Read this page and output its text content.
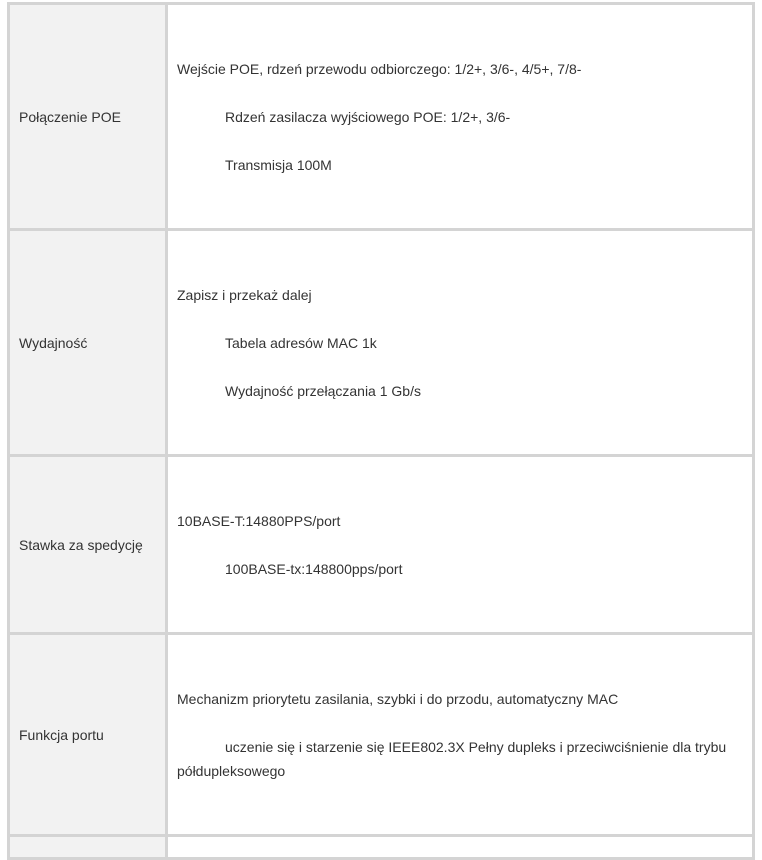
Połączenie POE	Wejście POE, rdzeń przewodu odbiorczego: 1/2+, 3/6-, 4/5+, 7/8-
Rdzeń zasilacza wyjściowego POE: 1/2+, 3/6-
Transmisja 100M

Wydajność	Zapisz i przekaż dalej
Tabela adresów MAC 1k
Wydajność przełączania 1 Gb/s

Stawka za spedycję	10BASE-T:14880PPS/port
100BASE-tx:148800pps/port

Funkcja portu	Mechanizm priorytetu zasilania, szybki i do przodu, automatyczny MAC
uczenie się i starzenie się IEEE802.3X Pełny dupleks i przeciwciśnienie dla trybu półdupleksowego
